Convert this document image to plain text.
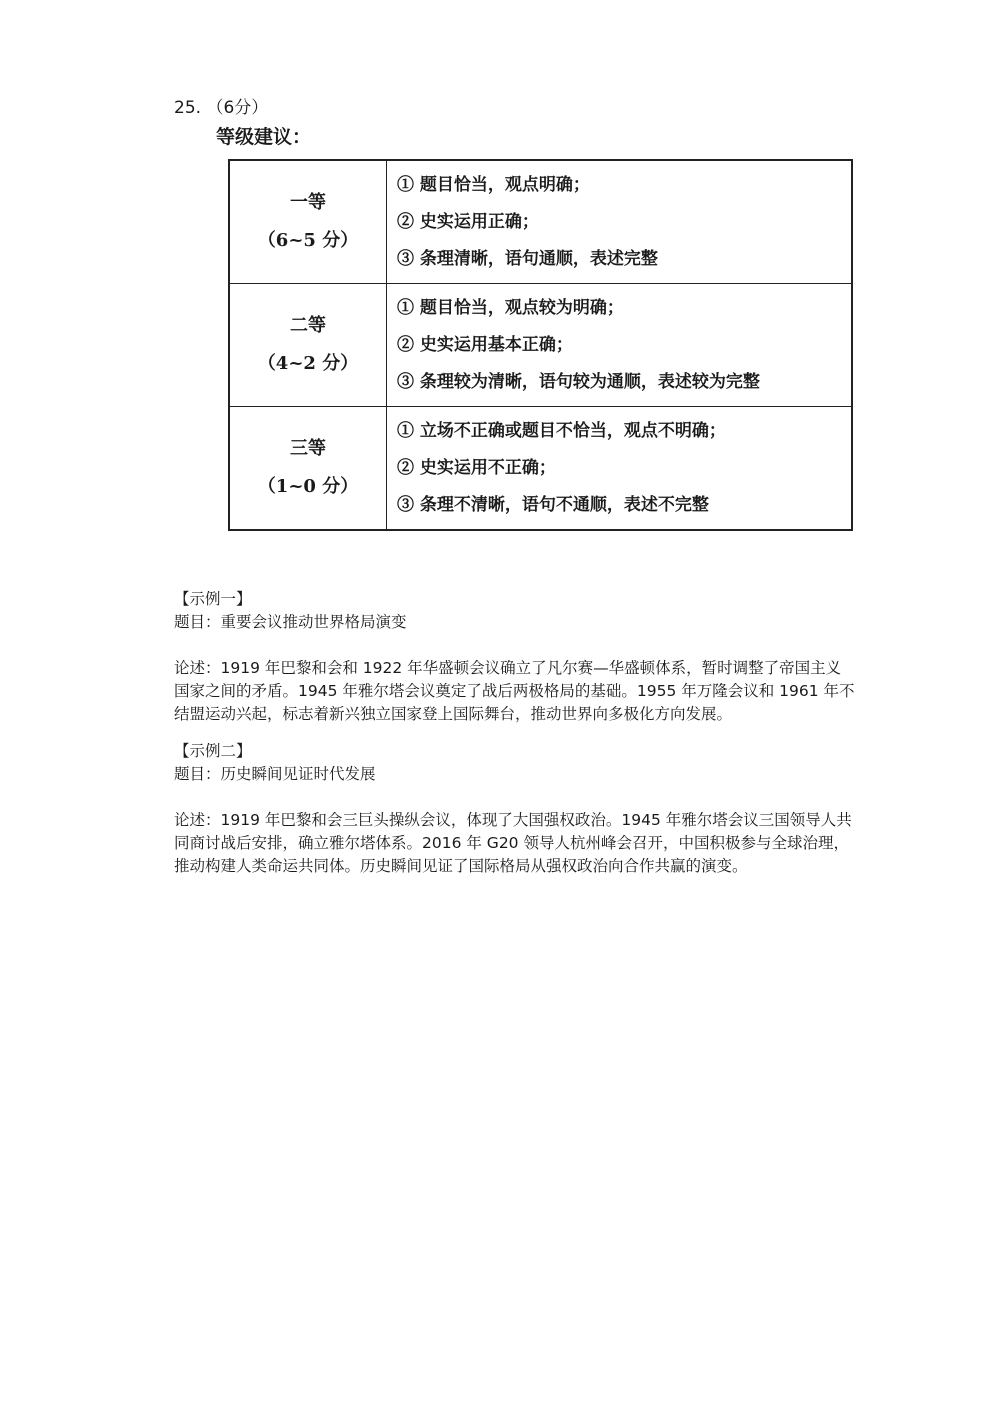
25. （6分）
等级建议：
一等
（6~5 分）
① 题目恰当，观点明确；
② 史实运用正确；
③ 条理清晰，语句通顺，表述完整
二等
（4~2 分）
① 题目恰当，观点较为明确；
② 史实运用基本正确；
③ 条理较为清晰，语句较为通顺，表述较为完整
三等
（1~0 分）
① 立场不正确或题目不恰当，观点不明确；
② 史实运用不正确；
③ 条理不清晰，语句不通顺，表述不完整

【示例一】

题目：重要会议推动世界格局演变

论述：1919 年巴黎和会和 1922 年华盛顿会议确立了凡尔赛—华盛顿体系，暂时调整了帝国主义

国家之间的矛盾。1945 年雅尔塔会议奠定了战后两极格局的基础。1955 年万隆会议和 1961 年不

结盟运动兴起，标志着新兴独立国家登上国际舞台，推动世界向多极化方向发展。

【示例二】

题目：历史瞬间见证时代发展

论述：1919 年巴黎和会三巨头操纵会议，体现了大国强权政治。1945 年雅尔塔会议三国领导人共

同商讨战后安排，确立雅尔塔体系。2016 年 G20 领导人杭州峰会召开，中国积极参与全球治理，

推动构建人类命运共同体。历史瞬间见证了国际格局从强权政治向合作共赢的演变。
